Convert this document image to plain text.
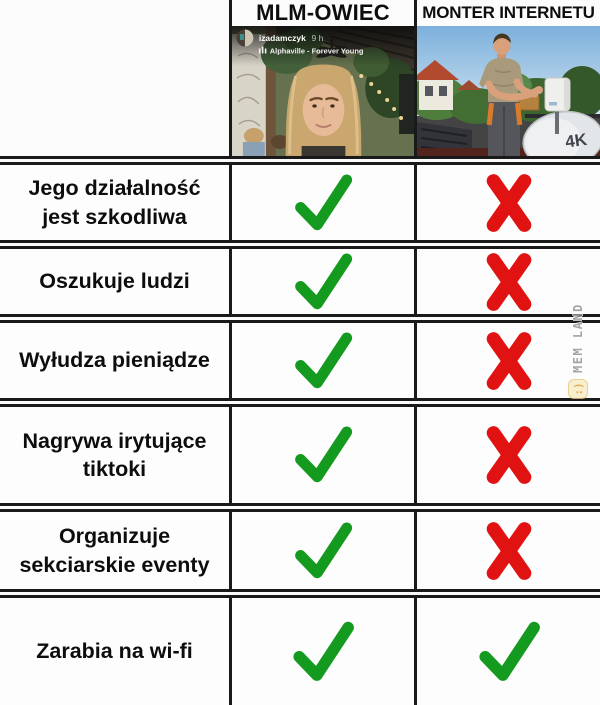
MLM-OWIEC
izadamczyk 9 h
Alphaville - Forever Young
MONTER INTERNETU
4K
Jego działalność jest szkodliwa
Oszukuje ludzi
Wyłudza pieniądze
Nagrywa irytujące tiktoki
Organizuje sekciarskie eventy
Zarabia na wi-fi
:)
MEM LAND
